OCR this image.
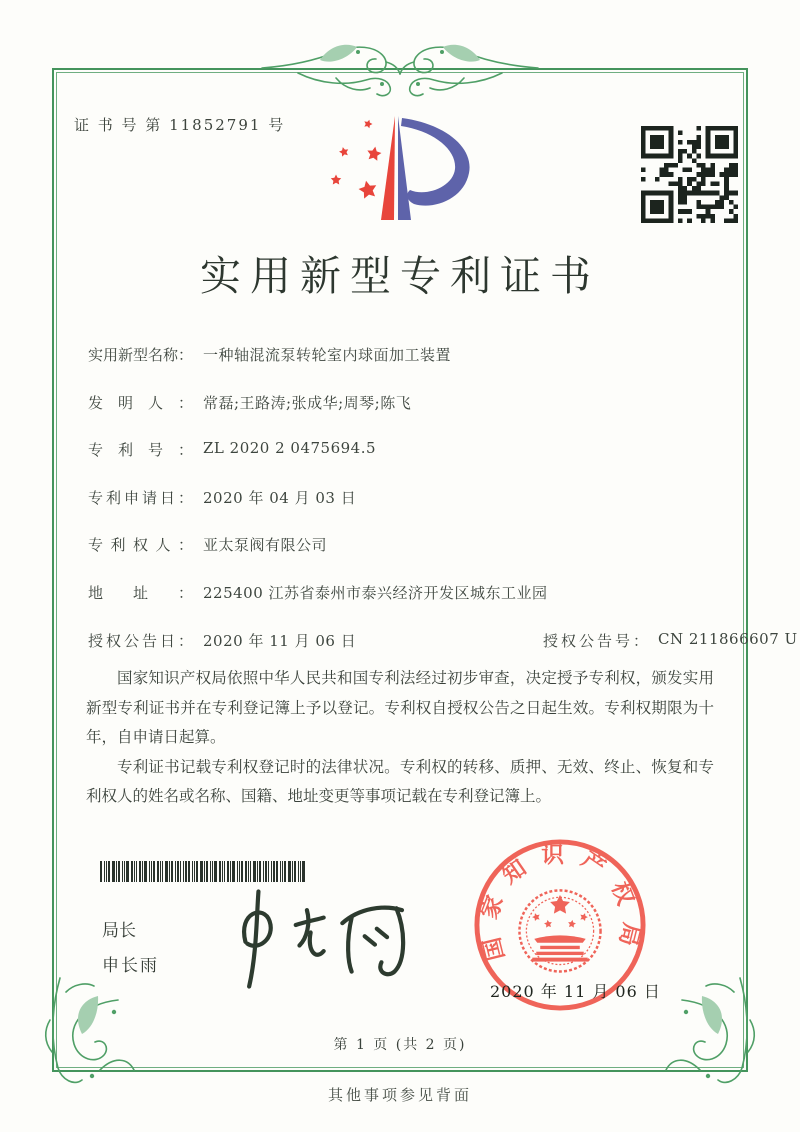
证 书 号 第 11852791 号
实用新型专利证书
实用新型名称： 一种轴混流泵转轮室内球面加工装置
发明人： 常磊;王路涛;张成华;周琴;陈飞
专利号： ZL 2020 2 0475694.5
专利申请日： 2020 年 04 月 03 日
专利权人： 亚太泵阀有限公司
地址： 225400 江苏省泰州市泰兴经济开发区城东工业园
授权公告日： 2020 年 11 月 06 日	授权公告号： CN 211866607 U

国家知识产权局依照中华人民共和国专利法经过初步审查，决定授予专利权，颁发实用新型专利证书并在专利登记簿上予以登记。专利权自授权公告之日起生效。专利权期限为十年，自申请日起算。

专利证书记载专利权登记时的法律状况。专利权的转移、质押、无效、终止、恢复和专利权人的姓名或名称、国籍、地址变更等事项记载在专利登记簿上。

局长
申长雨
国家知识产权局
2020 年 11 月 06 日
第 1 页 (共 2 页)
其他事项参见背面
